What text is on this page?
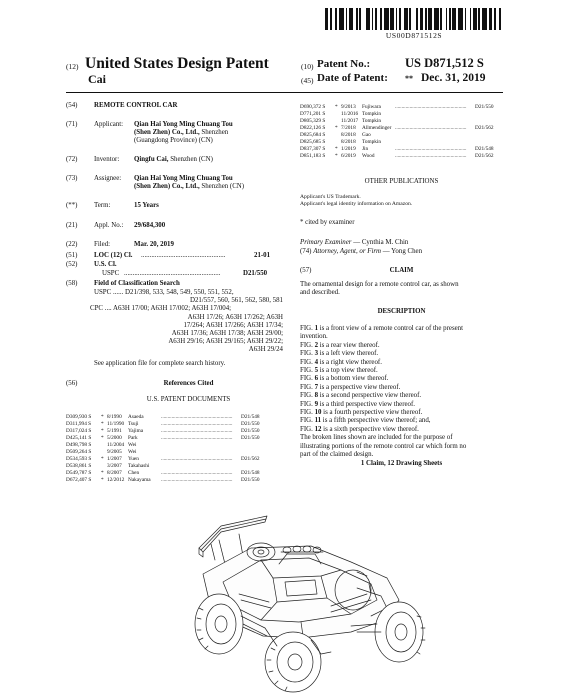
US00D871512S
(12) United States Design Patent	(10) Patent No.:	US D871,512 S
Cai	(45) Date of Patent: ** Dec. 31, 2019
(54) REMOTE CONTROL CAR
(71) Applicant: Qian Hai Yong Ming Chuang Tou
(Shen Zhen) Co., Ltd., Shenzhen
(Guangdong Province) (CN)
(72) Inventor: Qingfu Cai, Shenzhen (CN)
(73) Assignee: Qian Hai Yong Ming Chuang Tou
(Shen Zhen) Co., Ltd., Shenzhen (CN)
(**) Term:	15 Years
(21) Appl. No.: 29/684,300
(22) Filed:	Mar. 20, 2019
(51) LOC (12) Cl. .................................................	21-01
(52) U.S. Cl.
USPC ........................................................	D21/550
(58) Field of Classification Search
USPC ...... D21/398, 533, 548, 549, 550, 551, 552,
D21/557, 560, 561, 562, 580, 581
CPC .... A63H 17/00; A63H 17/002; A63H 17/004;
A63H 17/26; A63H 17/262; A63H
17/264; A63H 17/266; A63H 17/34;
A63H 17/36; A63H 17/38; A63H 29/00;
A63H 29/16; A63H 29/165; A63H 29/22;
A63H 29/24
See application file for complete search history.
(56)	References Cited
U.S. PATENT DOCUMENTS
D309,930 S * 8/1990 Asaeda	D21/548
......................................................
D311,994 S * 11/1990 Tsuji	D21/550
......................................................
D317,024 S * 5/1991 Yajima	D21/550
......................................................
D425,141 S * 5/2000 Park	D21/550
......................................................
D498,798 S	11/2004 Wei
D509,264 S	9/2005 Wei
D534,593 S * 1/2007 Yuen	D21/562
......................................................
D538,861 S	3/2007 Takahashi
D549,787 S * 8/2007 Chen	D21/548
......................................................
D672,407 S * 12/2012 Nakayama	D21/550
......................................................
D690,372 S * 9/2013 Fujiwara	D21/550
......................................................
D771,201 S	11/2016 Tompkin
D805,329 S	11/2017 Tompkin
D822,126 S * 7/2018 Allmendinger	D21/562
......................................................
D825,684 S	8/2018 Gao
D825,685 S	8/2018 Tompkin
D837,307 S * 1/2019 Jin	D21/548
......................................................
D851,183 S * 6/2019 Wood	D21/562
......................................................
OTHER PUBLICATIONS
Applicant's US Trademark.
Applicant's legal identity information on Amazon.
* cited by examiner
Primary Examiner — Cynthia M. Chin
(74) Attorney, Agent, or Firm — Yong Chen
(57)	CLAIM
The ornamental design for a remote control car, as shown
and described.
DESCRIPTION
FIG. 1 is a front view of a remote control car of the present
invention.
FIG. 2 is a rear view thereof.
FIG. 3 is a left view thereof.
FIG. 4 is a right view thereof.
FIG. 5 is a top view thereof.
FIG. 6 is a bottom view thereof.
FIG. 7 is a perspective view thereof.
FIG. 8 is a second perspective view thereof.
FIG. 9 is a third perspective view thereof.
FIG. 10 is a fourth perspective view thereof.
FIG. 11 is a fifth perspective view thereof; and,
FIG. 12 is a sixth perspective view thereof.
The broken lines shown are included for the purpose of
illustrating portions of the remote control car which form no
part of the claimed design.
1 Claim, 12 Drawing Sheets
